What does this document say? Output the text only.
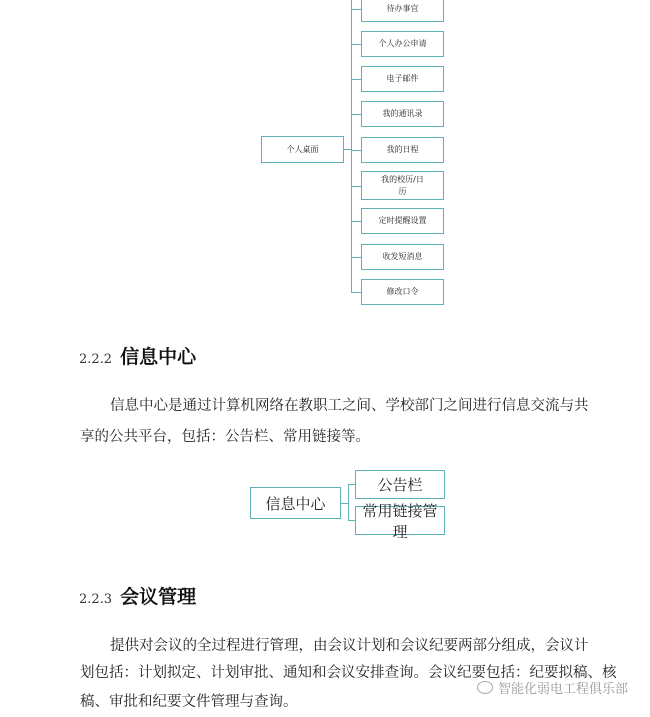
个人桌面
待办事宜
个人办公申请
电子邮件
我的通讯录
我的日程
我的校历/日历
定时提醒设置
收发短消息
修改口令
2.2.2 信息中心
信息中心是通过计算机网络在教职工之间、学校部门之间进行信息交流与共
享的公共平台，包括：公告栏、常用链接等。
信息中心
公告栏
常用链接管理
2.2.3 会议管理
提供对会议的全过程进行管理，由会议计划和会议纪要两部分组成，会议计
划包括：计划拟定、计划审批、通知和会议安排查询。会议纪要包括：纪要拟稿、核
稿、审批和纪要文件管理与查询。
智能化弱电工程俱乐部
